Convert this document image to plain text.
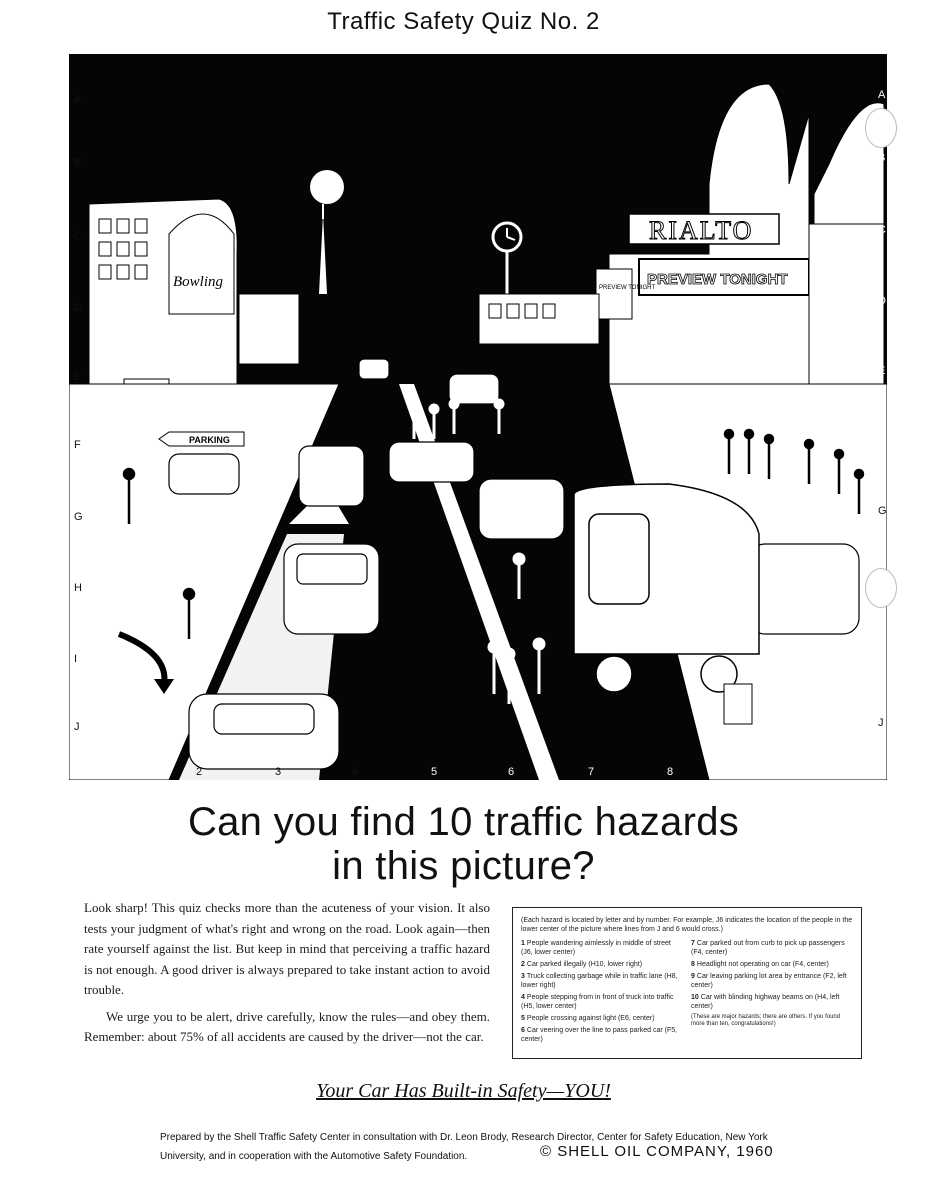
Traffic Safety Quiz No. 2
Bowling
RIALTO
PREVIEW TONIGHT
PREVIEW TONIGHT
PARKING
A
B
C
D
E
F
G
H
I
J
A
B
C
D
E
F
G
I
J
1	2	3	4	5	6	7	8	9	10
Can you find 10 traffic hazards
in this picture?

Look sharp! This quiz checks more than the acuteness of your vision. It also tests your judgment of what's right and wrong on the road. Look again—then rate yourself against the list. But keep in mind that perceiving a traffic hazard is not enough. A good driver is always prepared to take instant action to avoid trouble.

We urge you to be alert, drive carefully, know the rules—and obey them. Remember: about 75% of all accidents are caused by the driver—not the car.

(Each hazard is located by letter and by number. For example, J6 indicates the location of the people in the lower center of the picture where lines from J and 6 would cross.)

1 People wandering aimlessly in middle of street (J6, lower center)
2 Car parked illegally (H10, lower right)
3 Truck collecting garbage while in traffic lane (H8, lower right)
4 People stepping from in front of truck into traffic (H5, lower center)
5 People crossing against light (E6, center)
6 Car veering over the line to pass parked car (F5, center)
7 Car parked out from curb to pick up passengers (F4, center)
8 Headlight not operating on car (F4, center)
9 Car leaving parking lot area by entrance (F2, left center)
10 Car with blinding highway beams on (H4, left center)
(These are major hazards; there are others. If you found more than ten, congratulations!)
Your Car Has Built-in Safety—YOU!
Prepared by the Shell Traffic Safety Center in consultation with Dr. Leon Brody, Research Director, Center for Safety Education, New York University, and in cooperation with the Automotive Safety Foundation.	© SHELL OIL COMPANY, 1960
